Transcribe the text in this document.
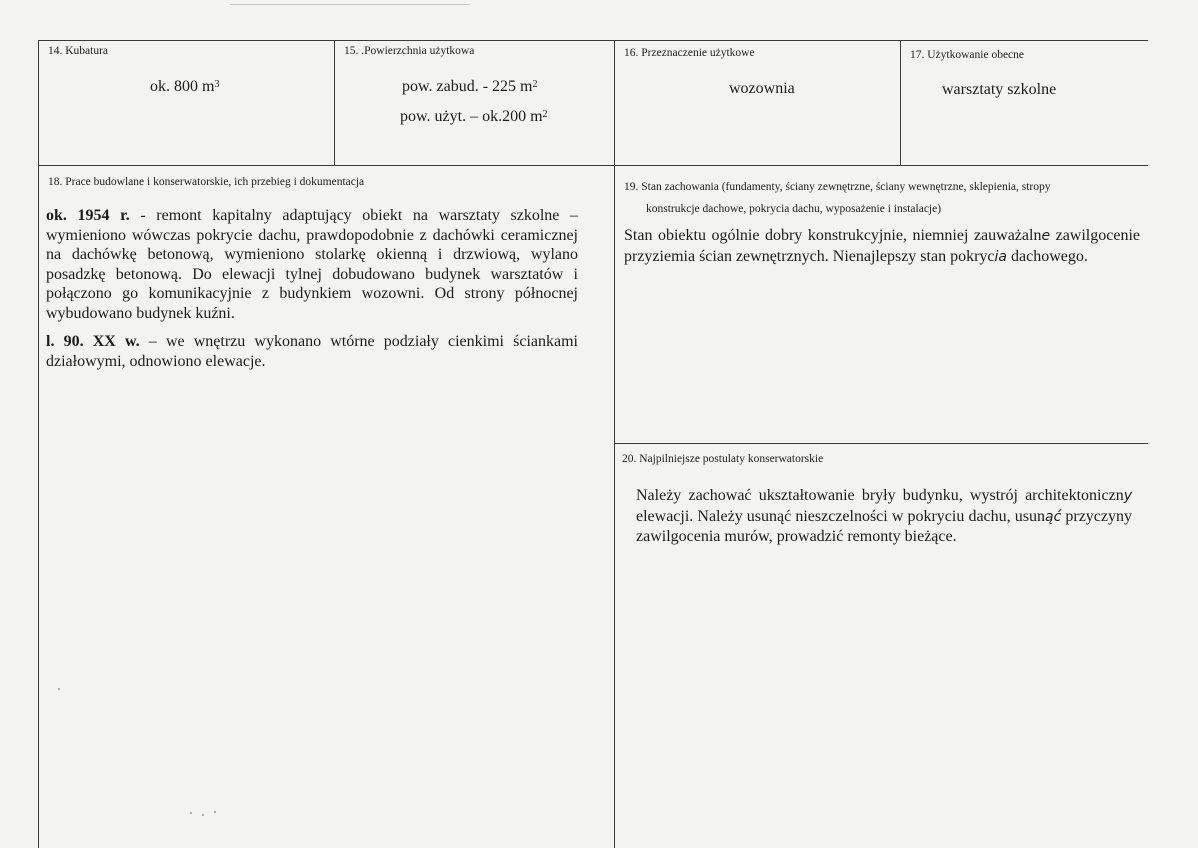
14. Kubatura
ok. 800 $m^3$
15. .Powierzchnia użytkowa
pow. zabud. - 225 $m^2$
pow. użyt. – ok.200 $m^2$
16. Przeznaczenie użytkowe
wozownia
17. Użytkowanie obecne
warsztaty szkolne
18. Prace budowlane i konserwatorskie, ich przebieg i dokumentacja
ok. 1954 r. - remont kapitalny adaptujący obiekt na warsztaty szkolne – wymieniono wówczas pokrycie dachu, prawdopodobnie z dachówki ceramicznej na dachówkę betonową, wymieniono stolarkę okienną i drzwiową, wylano posadzkę betonową. Do elewacji tylnej dobudowano budynek warsztatów i połączono go komunikacyjnie z budynkiem wozowni. Od strony północnej wybudowano budynek kuźni.
l. 90. XX w. – we wnętrzu wykonano wtórne podziały cienkimi ściankami działowymi, odnowiono elewacje.
19. Stan zachowania (fundamenty, ściany zewnętrzne, ściany wewnętrzne, sklepienia, stropy
konstrukcje dachowe, pokrycia dachu, wyposażenie i instalacje)
Stan obiektu ogólnie dobry konstrukcyjnie, niemniej zauważalne zawilgocenie przyziemia ścian zewnętrznych. Nienajlepszy stan pokrycia dachowego.
20. Najpilniejsze postulaty konserwatorskie
Należy zachować ukształtowanie bryły budynku, wystrój architektoniczny elewacji. Należy usunąć nieszczelności w pokryciu dachu, usunąć przyczyny zawilgocenia murów, prowadzić remonty bieżące.
